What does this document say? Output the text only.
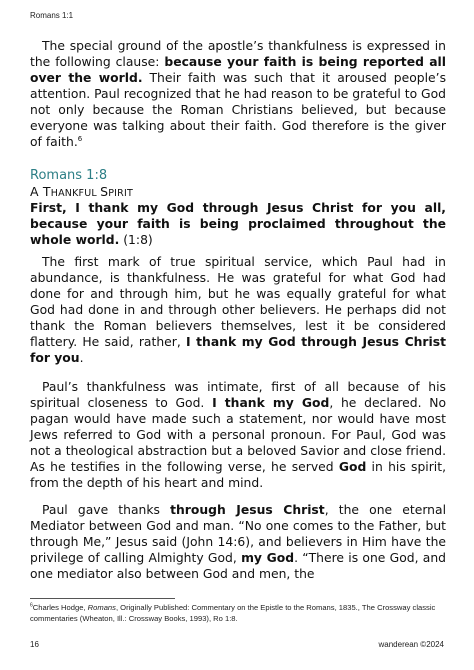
Romans 1:1

The special ground of the apostle’s thankfulness is expressed in the following clause: because your faith is being reported all over the world. Their faith was such that it aroused people’s attention. Paul recognized that he had reason to be grateful to God not only because the Roman Christians believed, but because everyone was talking about their faith. God therefore is the giver of faith.$^6$

Romans 1:8
A THANKFUL SPIRIT

First, I thank my God through Jesus Christ for you all, because your faith is being proclaimed throughout the whole world. (1:8)

The first mark of true spiritual service, which Paul had in abundance, is thankfulness. He was grateful for what God had done for and through him, but he was equally grateful for what God had done in and through other believers. He perhaps did not thank the Roman believers themselves, lest it be considered flattery. He said, rather, I thank my God through Jesus Christ for you.

Paul’s thankfulness was intimate, first of all because of his spiritual closeness to God. I thank my God, he declared. No pagan would have made such a statement, nor would have most Jews referred to God with a personal pronoun. For Paul, God was not a theological abstraction but a beloved Savior and close friend. As he testifies in the following verse, he served God in his spirit, from the depth of his heart and mind.

Paul gave thanks through Jesus Christ, the one eternal Mediator between God and man. “No one comes to the Father, but through Me,” Jesus said (John 14:6), and believers in Him have the privilege of calling Almighty God, my God. “There is one God, and one mediator also between God and men, the

$^6$Charles Hodge, Romans, Originally Published: Commentary on the Epistle to the Romans, 1835., The Crossway classic commentaries (Wheaton, Ill.: Crossway Books, 1993), Ro 1:8.
16	wanderean ©2024
